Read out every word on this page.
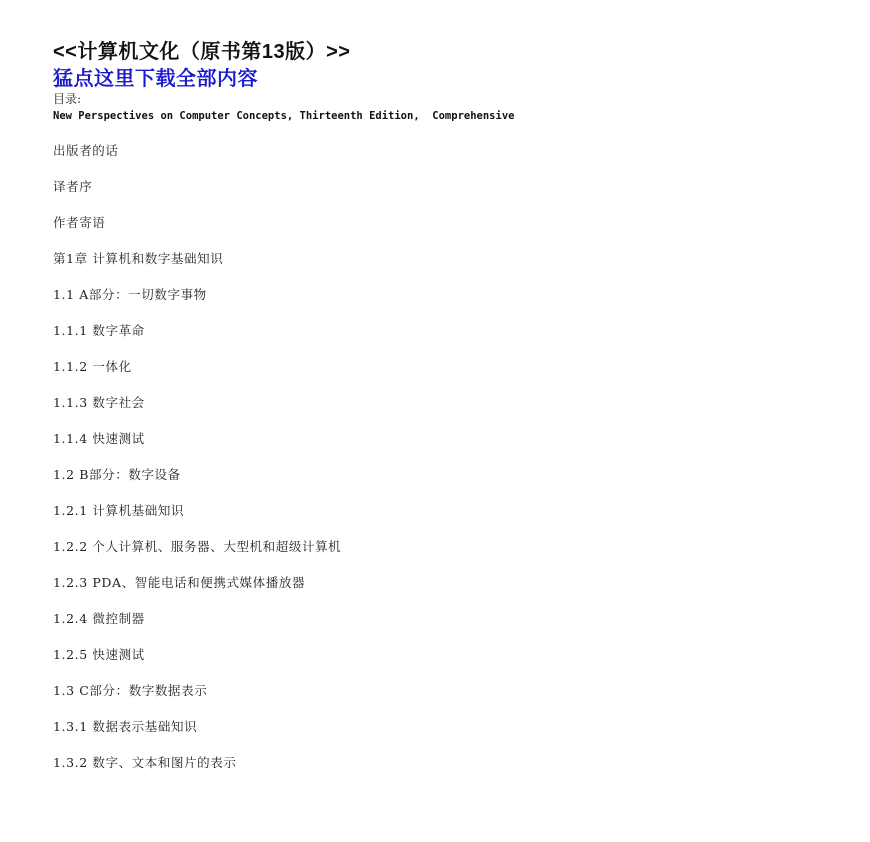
<<计算机文化（原书第13版）>>
猛点这里下载全部内容
目录:
New Perspectives on Computer Concepts, Thirteenth Edition,  Comprehensive
出版者的话
译者序
作者寄语
第1章 计算机和数字基础知识
1.1 A部分：一切数字事物
1.1.1 数字革命
1.1.2 一体化
1.1.3 数字社会
1.1.4 快速测试
1.2 B部分：数字设备
1.2.1 计算机基础知识
1.2.2 个人计算机、服务器、大型机和超级计算机
1.2.3 PDA、智能电话和便携式媒体播放器
1.2.4 微控制器
1.2.5 快速测试
1.3 C部分：数字数据表示
1.3.1 数据表示基础知识
1.3.2 数字、文本和图片的表示
